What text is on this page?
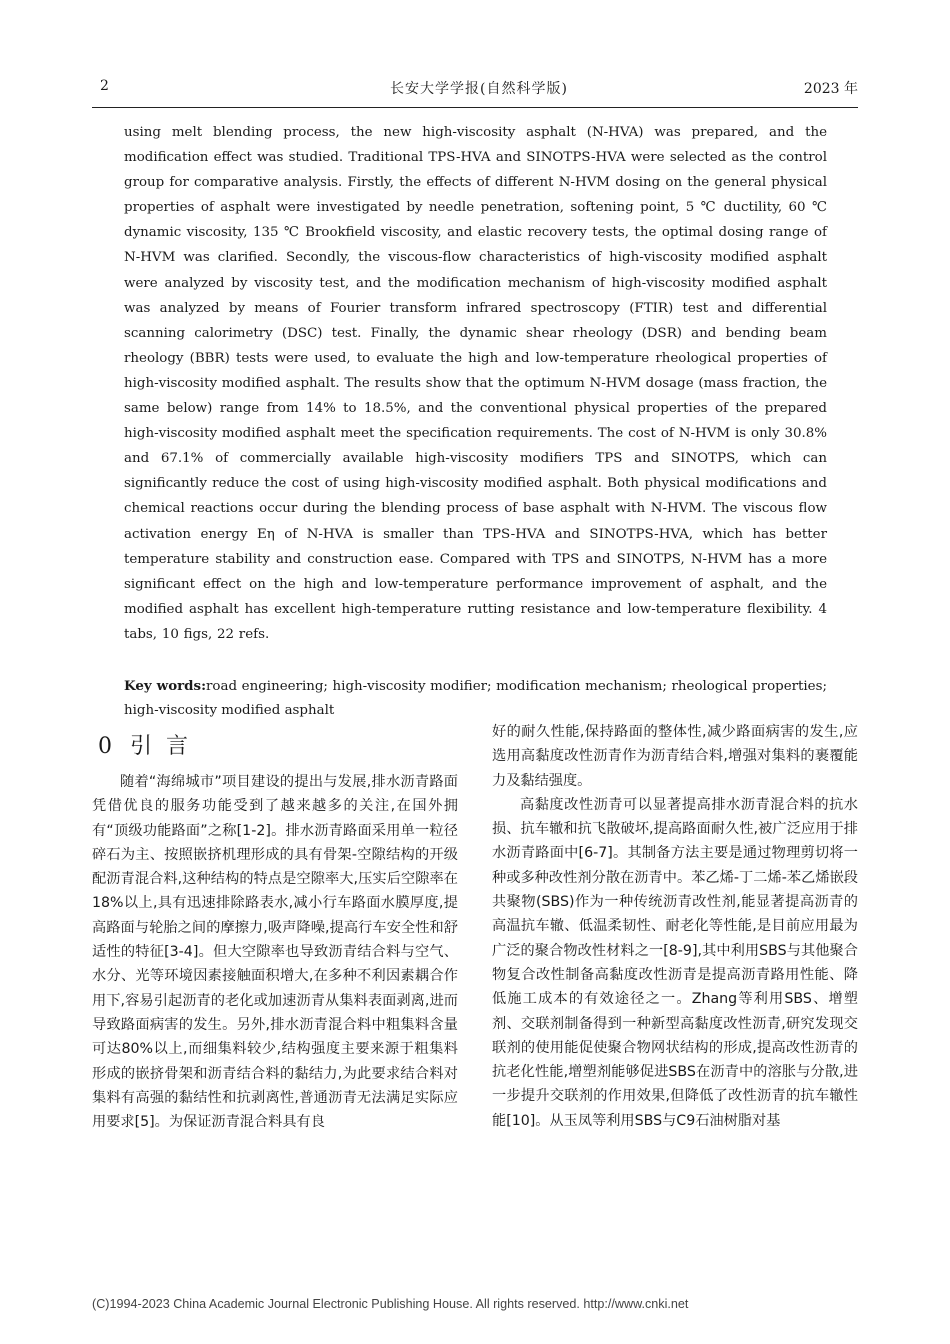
2	长安大学学报(自然科学版)	2023 年
using melt blending process, the new high-viscosity asphalt (N-HVA) was prepared, and the modification effect was studied. Traditional TPS-HVA and SINOTPS-HVA were selected as the control group for comparative analysis. Firstly, the effects of different N-HVM dosing on the general physical properties of asphalt were investigated by needle penetration, softening point, 5 ℃ ductility, 60 ℃ dynamic viscosity, 135 ℃ Brookfield viscosity, and elastic recovery tests, the optimal dosing range of N-HVM was clarified. Secondly, the viscous-flow characteristics of high-viscosity modified asphalt were analyzed by viscosity test, and the modification mechanism of high-viscosity modified asphalt was analyzed by means of Fourier transform infrared spectroscopy (FTIR) test and differential scanning calorimetry (DSC) test. Finally, the dynamic shear rheology (DSR) and bending beam rheology (BBR) tests were used, to evaluate the high and low-temperature rheological properties of high-viscosity modified asphalt. The results show that the optimum N-HVM dosage (mass fraction, the same below) range from 14% to 18.5%, and the conventional physical properties of the prepared high-viscosity modified asphalt meet the specification requirements. The cost of N-HVM is only 30.8% and 67.1% of commercially available high-viscosity modifiers TPS and SINOTPS, which can significantly reduce the cost of using high-viscosity modified asphalt. Both physical modifications and chemical reactions occur during the blending process of base asphalt with N-HVM. The viscous flow activation energy Eη of N-HVA is smaller than TPS-HVA and SINOTPS-HVA, which has better temperature stability and construction ease. Compared with TPS and SINOTPS, N-HVM has a more significant effect on the high and low-temperature performance improvement of asphalt, and the modified asphalt has excellent high-temperature rutting resistance and low-temperature flexibility. 4 tabs, 10 figs, 22 refs.
Key words:road engineering; high-viscosity modifier; modification mechanism; rheological properties; high-viscosity modified asphalt
0 引言

随着“海绵城市”项目建设的提出与发展,排水沥青路面凭借优良的服务功能受到了越来越多的关注,在国外拥有“顶级功能路面”之称[1-2]。排水沥青路面采用单一粒径碎石为主、按照嵌挤机理形成的具有骨架-空隙结构的开级配沥青混合料,这种结构的特点是空隙率大,压实后空隙率在18%以上,具有迅速排除路表水,减小行车路面水膜厚度,提高路面与轮胎之间的摩擦力,吸声降噪,提高行车安全性和舒适性的特征[3-4]。但大空隙率也导致沥青结合料与空气、水分、光等环境因素接触面积增大,在多种不利因素耦合作用下,容易引起沥青的老化或加速沥青从集料表面剥离,进而导致路面病害的发生。另外,排水沥青混合料中粗集料含量可达80%以上,而细集料较少,结构强度主要来源于粗集料形成的嵌挤骨架和沥青结合料的黏结力,为此要求结合料对集料有高强的黏结性和抗剥离性,普通沥青无法满足实际应用要求[5]。为保证沥青混合料具有良

好的耐久性能,保持路面的整体性,减少路面病害的发生,应选用高黏度改性沥青作为沥青结合料,增强对集料的裹覆能力及黏结强度。

高黏度改性沥青可以显著提高排水沥青混合料的抗水损、抗车辙和抗飞散破坏,提高路面耐久性,被广泛应用于排水沥青路面中[6-7]。其制备方法主要是通过物理剪切将一种或多种改性剂分散在沥青中。苯乙烯-丁二烯-苯乙烯嵌段共聚物(SBS)作为一种传统沥青改性剂,能显著提高沥青的高温抗车辙、低温柔韧性、耐老化等性能,是目前应用最为广泛的聚合物改性材料之一[8-9],其中利用SBS与其他聚合物复合改性制备高黏度改性沥青是提高沥青路用性能、降低施工成本的有效途径之一。Zhang等利用SBS、增塑剂、交联剂制备得到一种新型高黏度改性沥青,研究发现交联剂的使用能促使聚合物网状结构的形成,提高改性沥青的抗老化性能,增塑剂能够促进SBS在沥青中的溶胀与分散,进一步提升交联剂的作用效果,但降低了改性沥青的抗车辙性能[10]。从玉凤等利用SBS与C9石油树脂对基

(C)1994-2023 China Academic Journal Electronic Publishing House. All rights reserved. http://www.cnki.net
